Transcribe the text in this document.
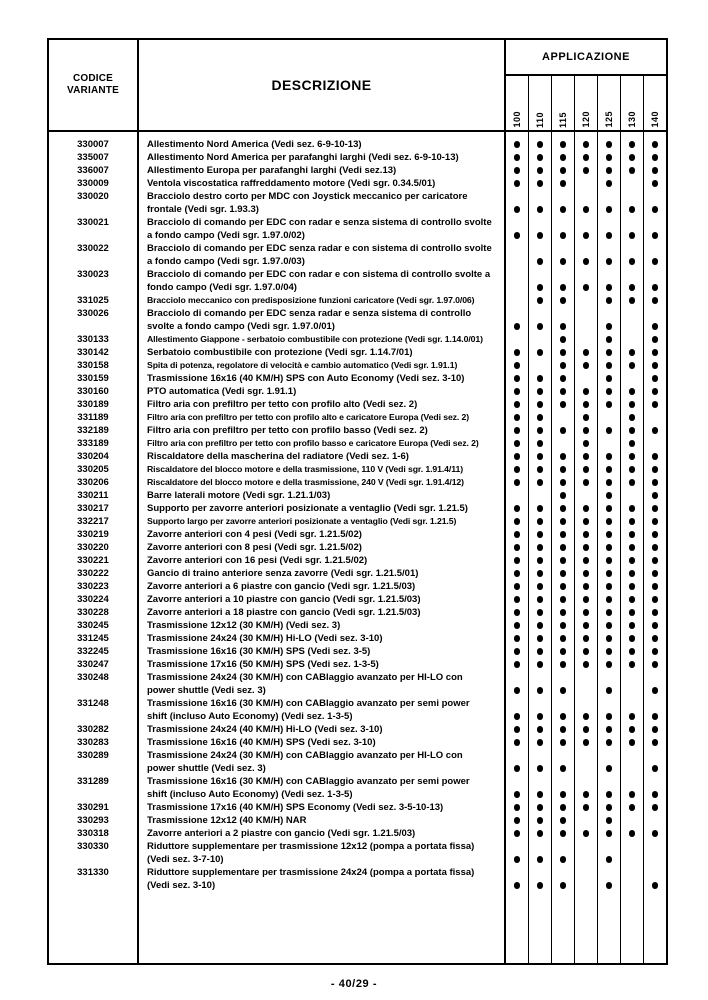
CODICE
VARIANTE	DESCRIZIONE
APPLICAZIONE
100 110 115 120 125 130 140
330007
335007
336007
330009
330020
330021
330022
330023
331025
330026
330133
330142
330158
330159
330160
330189
331189
332189
333189
330204
330205
330206
330211
330217
332217
330219
330220
330221
330222
330223
330224
330228
330245
331245
332245
330247
330248
331248
330282
330283
330289
331289
330291
330293
330318
330330
331330
Allestimento Nord America (Vedi sez. 6-9-10-13)
Allestimento Nord America per parafanghi larghi (Vedi sez. 6-9-10-13)
Allestimento Europa per parafanghi larghi (Vedi sez.13)
Ventola viscostatica raffreddamento motore (Vedi sgr. 0.34.5/01)
Bracciolo destro corto per MDC con Joystick meccanico per caricatore
frontale (Vedi sgr. 1.93.3)
Bracciolo di comando per EDC con radar e senza sistema di controllo svolte
a fondo campo (Vedi sgr. 1.97.0/02)
Bracciolo di comando per EDC senza radar e con sistema di controllo svolte
a fondo campo (Vedi sgr. 1.97.0/03)
Bracciolo di comando per EDC con radar e con sistema di controllo svolte a
fondo campo (Vedi sgr. 1.97.0/04)
Bracciolo meccanico con predisposizione funzioni caricatore (Vedi sgr. 1.97.0/06)
Bracciolo di comando per EDC senza radar e senza sistema di controllo
svolte a fondo campo (Vedi sgr. 1.97.0/01)
Allestimento Giappone - serbatoio combustibile con protezione (Vedi sgr. 1.14.0/01)
Serbatoio combustibile con protezione (Vedi sgr. 1.14.7/01)
Spita di potenza, regolatore di velocità e cambio automatico (Vedi sgr. 1.91.1)
Trasmissione 16x16 (40 KM/H) SPS con Auto Economy (Vedi sez. 3-10)
PTO automatica (Vedi sgr. 1.91.1)
Filtro aria con prefiltro per tetto con profilo alto (Vedi sez. 2)
Filtro aria con prefiltro per tetto con profilo alto e caricatore Europa (Vedi sez. 2)
Filtro aria con prefiltro per tetto con profilo basso (Vedi sez. 2)
Filtro aria con prefiltro per tetto con profilo basso e caricatore Europa (Vedi sez. 2)
Riscaldatore della mascherina del radiatore (Vedi sez. 1-6)
Riscaldatore del blocco motore e della trasmissione, 110 V (Vedi sgr. 1.91.4/11)
Riscaldatore del blocco motore e della trasmissione, 240 V (Vedi sgr. 1.91.4/12)
Barre laterali motore (Vedi sgr. 1.21.1/03)
Supporto per zavorre anteriori posizionate a ventaglio (Vedi sgr. 1.21.5)
Supporto largo per zavorre anteriori posizionate a ventaglio (Vedi sgr. 1.21.5)
Zavorre anteriori con 4 pesi (Vedi sgr. 1.21.5/02)
Zavorre anteriori con 8 pesi (Vedi sgr. 1.21.5/02)
Zavorre anteriori con 16 pesi (Vedi sgr. 1.21.5/02)
Gancio di traino anteriore senza zavorre (Vedi sgr. 1.21.5/01)
Zavorre anteriori a 6 piastre con gancio (Vedi sgr. 1.21.5/03)
Zavorre anteriori a 10 piastre con gancio (Vedi sgr. 1.21.5/03)
Zavorre anteriori a 18 piastre con gancio (Vedi sgr. 1.21.5/03)
Trasmissione 12x12 (30 KM/H) (Vedi sez. 3)
Trasmissione 24x24 (30 KM/H) Hi-LO (Vedi sez. 3-10)
Trasmissione 16x16 (30 KM/H) SPS (Vedi sez. 3-5)
Trasmissione 17x16 (50 KM/H) SPS (Vedi sez. 1-3-5)
Trasmissione 24x24 (30 KM/H) con CABlaggio avanzato per HI-LO con
power shuttle (Vedi sez. 3)
Trasmissione 16x16 (30 KM/H) con CABlaggio avanzato per semi power
shift (incluso Auto Economy) (Vedi sez. 1-3-5)
Trasmissione 24x24 (40 KM/H) Hi-LO (Vedi sez. 3-10)
Trasmissione 16x16 (40 KM/H) SPS (Vedi sez. 3-10)
Trasmissione 24x24 (30 KM/H) con CABlaggio avanzato per HI-LO con
power shuttle (Vedi sez. 3)
Trasmissione 16x16 (30 KM/H) con CABlaggio avanzato per semi power
shift (incluso Auto Economy) (Vedi sez. 1-3-5)
Trasmissione 17x16 (40 KM/H) SPS Economy (Vedi sez. 3-5-10-13)
Trasmissione 12x12 (40 KM/H) NAR
Zavorre anteriori a 2 piastre con gancio (Vedi sgr. 1.21.5/03)
Riduttore supplementare per trasmissione 12x12 (pompa a portata fissa)
(Vedi sez. 3-7-10)
Riduttore supplementare per trasmissione 24x24 (pompa a portata fissa)
(Vedi sez. 3-10)

- 40/29 -
